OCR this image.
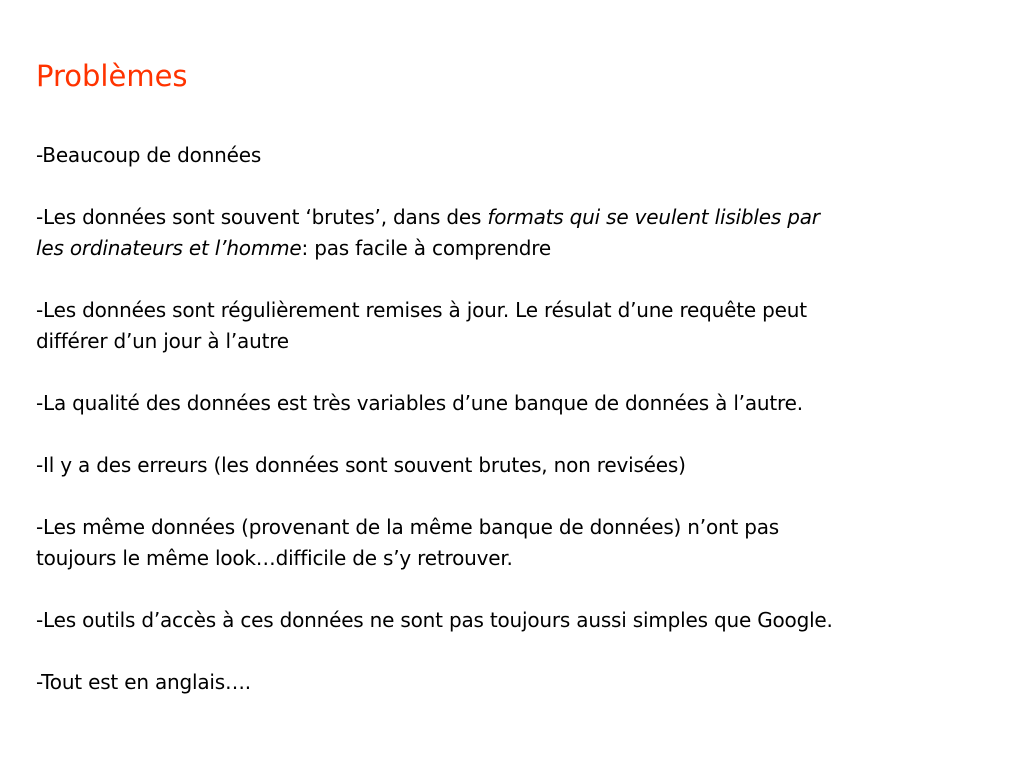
Problèmes
-Beaucoup de données
-Les données sont souvent ‘brutes’, dans des formats qui se veulent lisibles par
les ordinateurs et l’homme: pas facile à comprendre
-Les données sont régulièrement remises à jour. Le résulat d’une requête peut
différer d’un jour à l’autre
-La qualité des données est très variables d’une banque de données à l’autre.
-Il y a des erreurs (les données sont souvent brutes, non revisées)
-Les même données (provenant de la même banque de données) n’ont pas
toujours le même look…difficile de s’y retrouver.
-Les outils d’accès à ces données ne sont pas toujours aussi simples que Google.
-Tout est en anglais….
